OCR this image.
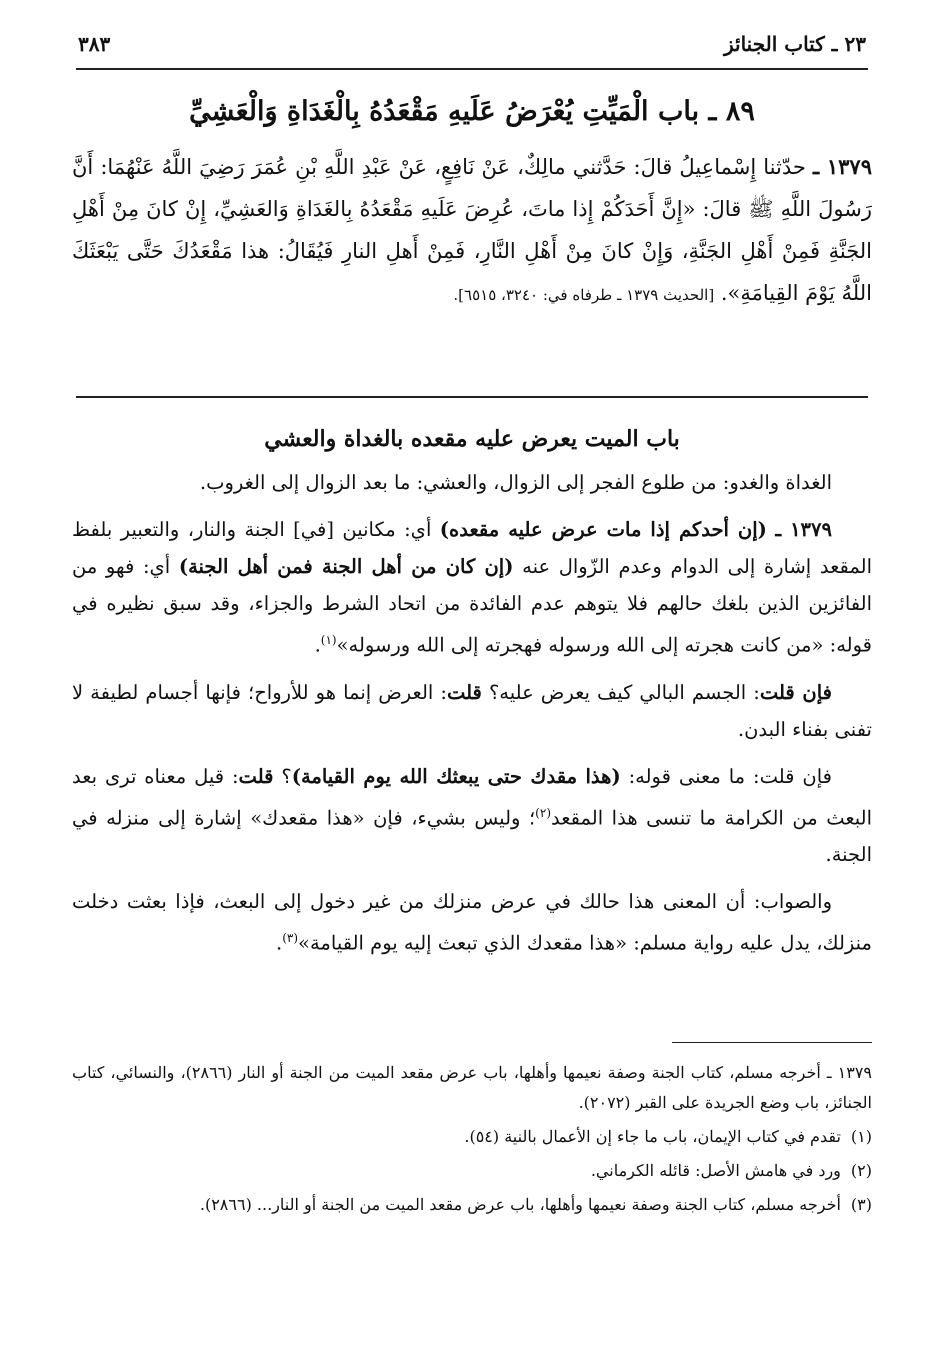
٢٣ ـ كتاب الجنائز
٣٨٣
٨٩ ـ باب الْمَيِّتِ يُعْرَضُ عَلَيهِ مَقْعَدُهُ بِالْغَدَاةِ وَالْعَشِيِّ
١٣٧٩ ـ حدّثنا إِسْماعِيلُ قالَ: حَدَّثني مالِكٌ، عَنْ نَافِعٍ، عَنْ عَبْدِ اللَّهِ بْنِ عُمَرَ رَضِيَ اللَّهُ عَنْهُمَا: أَنَّ رَسُولَ اللَّهِ ﷺ قالَ: «إِنَّ أَحَدَكُمْ إِذا ماتَ، عُرِضَ عَلَيهِ مَقْعَدُهُ بِالغَدَاةِ وَالعَشِيِّ، إِنْ كانَ مِنْ أَهْلِ الجَنَّةِ فَمِنْ أَهْلِ الجَنَّةِ، وَإِنْ كانَ مِنْ أَهْلِ النَّارِ، فَمِنْ أَهلِ النارِ فَيُقَالُ: هذا مَقْعَدُكَ حَتَّى يَبْعَثَكَ اللَّهُ يَوْمَ القِيامَةِ». [الحديث ١٣٧٩ ـ طرفاه في: ٣٢٤٠، ٦٥١٥].
باب الميت يعرض عليه مقعده بالغداة والعشي

الغداة والغدو: من طلوع الفجر إلى الزوال، والعشي: ما بعد الزوال إلى الغروب.

١٣٧٩ ـ (إن أحدكم إذا مات عرض عليه مقعده) أي: مكانين [في] الجنة والنار، والتعبير بلفظ المقعد إشارة إلى الدوام وعدم الزّوال عنه (إن كان من أهل الجنة فمن أهل الجنة) أي: فهو من الفائزين الذين بلغك حالهم فلا يتوهم عدم الفائدة من اتحاد الشرط والجزاء، وقد سبق نظيره في قوله: «من كانت هجرته إلى الله ورسوله فهجرته إلى الله ورسوله»$^{(١)}$.

فإن قلت: الجسم البالي كيف يعرض عليه؟ قلت: العرض إنما هو للأرواح؛ فإنها أجسام لطيفة لا تفنى بفناء البدن.

فإن قلت: ما معنى قوله: (هذا مقدك حتى يبعثك الله يوم القيامة)؟ قلت: قيل معناه ترى بعد البعث من الكرامة ما تنسى هذا المقعد$^{(٢)}$؛ وليس بشيء، فإن «هذا مقعدك» إشارة إلى منزله في الجنة.

والصواب: أن المعنى هذا حالك في عرض منزلك من غير دخول إلى البعث، فإذا بعثت دخلت منزلك، يدل عليه رواية مسلم: «هذا مقعدك الذي تبعث إليه يوم القيامة»$^{(٣)}$.

١٣٧٩ ـ أخرجه مسلم، كتاب الجنة وصفة نعيمها وأهلها، باب عرض مقعد الميت من الجنة أو النار (٢٨٦٦)، والنسائي، كتاب الجنائز، باب وضع الجريدة على القبر (٢٠٧٢).
(١)تقدم في كتاب الإيمان، باب ما جاء إن الأعمال بالنية (٥٤).
(٢)ورد في هامش الأصل: قائله الكرماني.
(٣)أخرجه مسلم، كتاب الجنة وصفة نعيمها وأهلها، باب عرض مقعد الميت من الجنة أو النار... (٢٨٦٦).
